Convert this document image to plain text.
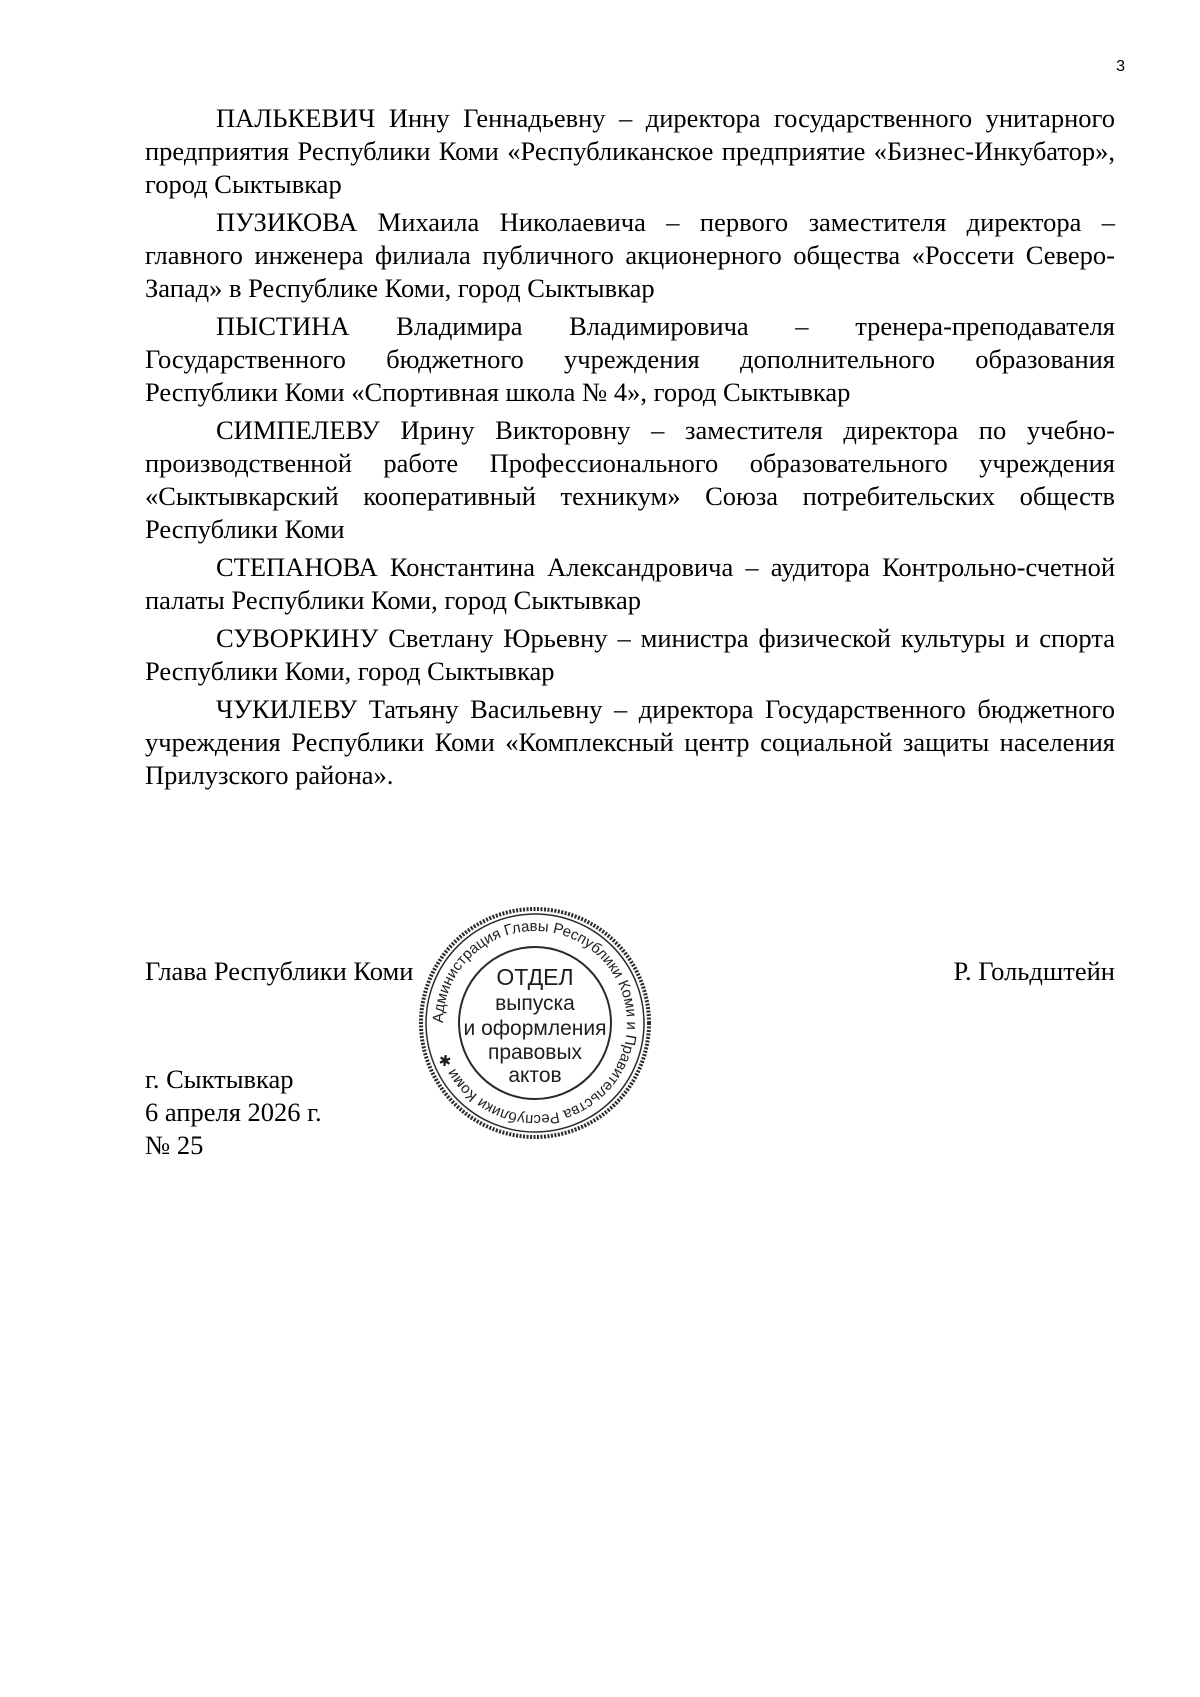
3

ПАЛЬКЕВИЧ Инну Геннадьевну – директора государственного унитарного предприятия Республики Коми «Республиканское предприятие «Бизнес-Инкубатор», город Сыктывкар

ПУЗИКОВА Михаила Николаевича – первого заместителя директора – главного инженера филиала публичного акционерного общества «Россети Северо-Запад» в Республике Коми, город Сыктывкар

ПЫСТИНА Владимира Владимировича – тренера-преподавателя Государственного бюджетного учреждения дополнительного образования Республики Коми «Спортивная школа № 4», город Сыктывкар

СИМПЕЛЕВУ Ирину Викторовну – заместителя директора по учебно-производственной работе Профессионального образовательного учреждения «Сыктывкарский кооперативный техникум» Союза потребительских обществ Республики Коми

СТЕПАНОВА Константина Александровича – аудитора Контрольно-счетной палаты Республики Коми, город Сыктывкар

СУВОРКИНУ Светлану Юрьевну – министра физической культуры и спорта Республики Коми, город Сыктывкар

ЧУКИЛЕВУ Татьяну Васильевну – директора Государственного бюджетного учреждения Республики Коми «Комплексный центр социальной защиты населения Прилузского района».

Глава Республики Коми	Р. Гольдштейн
Администрация Главы Республики Коми и Правительства Республики Коми ✱
ОТДЕЛ
выпуска
и оформления
правовых
актов
г. Сыктывкар
6 апреля 2026 г.
№ 25
